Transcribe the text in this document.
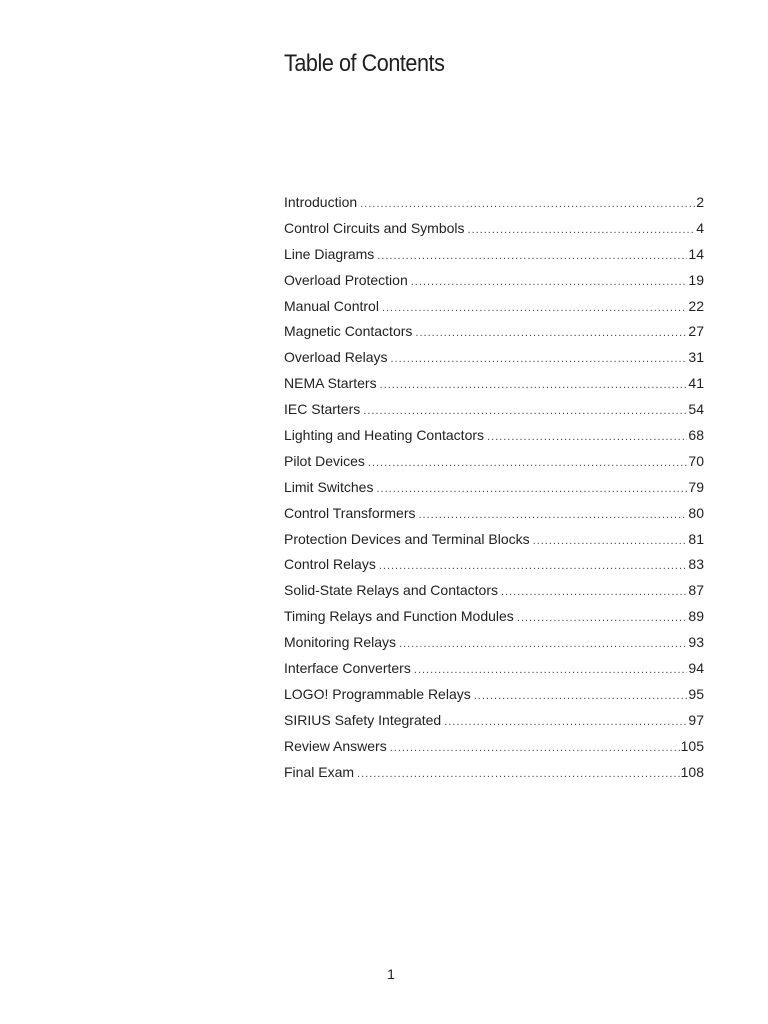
Table of Contents
Introduction .....	2
Control Circuits and Symbols .....	4
Line Diagrams .....	14
Overload Protection .....	19
Manual Control .....	22
Magnetic Contactors .....	27
Overload Relays .....	31
NEMA Starters .....	41
IEC Starters .....	54
Lighting and Heating Contactors .....	68
Pilot Devices .....	70
Limit Switches .....	79
Control Transformers .....	80
Protection Devices and Terminal Blocks .....	81
Control Relays .....	83
Solid-State Relays and Contactors .....	87
Timing Relays and Function Modules .....	89
Monitoring Relays .....	93
Interface Converters .....	94
LOGO! Programmable Relays .....	95
SIRIUS Safety Integrated .....	97
Review Answers .....	105
Final Exam .....	108
1
